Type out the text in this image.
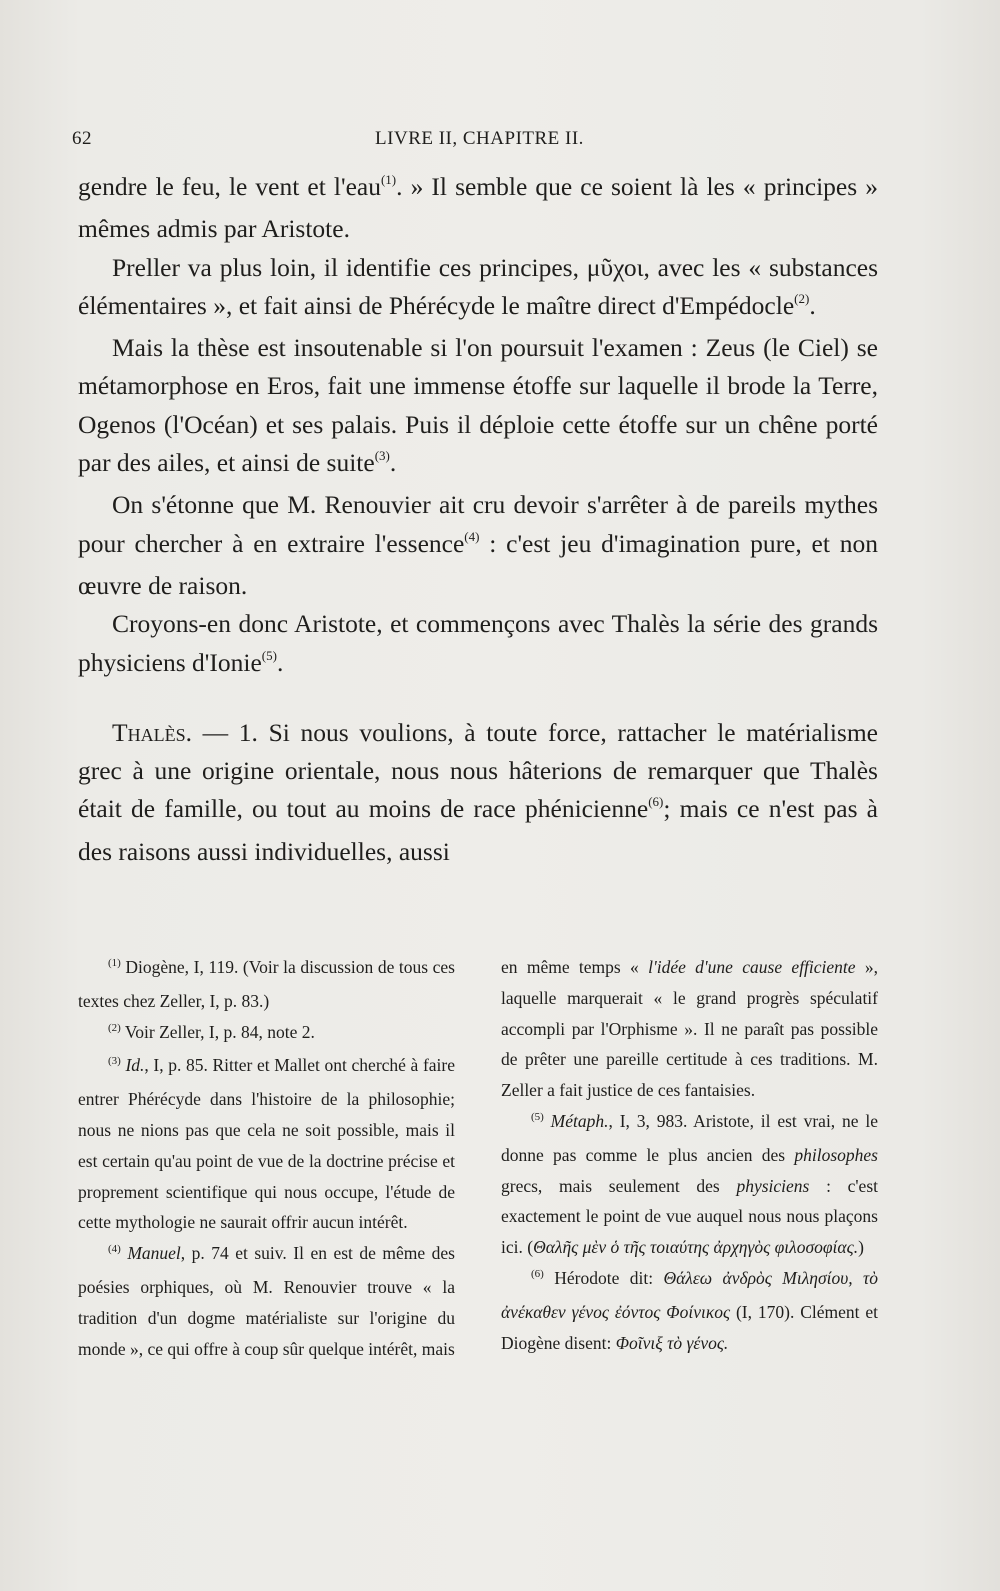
62	LIVRE II, CHAPITRE II.

gendre le feu, le vent et l'eau$^{(1)}$. » Il semble que ce soient là les « principes » mêmes admis par Aristote.

Preller va plus loin, il identifie ces principes, μῦχοι, avec les « substances élémentaires », et fait ainsi de Phérécyde le maître direct d'Empédocle$^{(2)}$.

Mais la thèse est insoutenable si l'on poursuit l'examen : Zeus (le Ciel) se métamorphose en Eros, fait une immense étoffe sur laquelle il brode la Terre, Ogenos (l'Océan) et ses palais. Puis il déploie cette étoffe sur un chêne porté par des ailes, et ainsi de suite$^{(3)}$.

On s'étonne que M. Renouvier ait cru devoir s'arrêter à de pareils mythes pour chercher à en extraire l'essence$^{(4)}$ : c'est jeu d'imagination pure, et non œuvre de raison.

Croyons-en donc Aristote, et commençons avec Thalès la série des grands physiciens d'Ionie$^{(5)}$.

Thalès. — 1. Si nous voulions, à toute force, rattacher le matérialisme grec à une origine orientale, nous nous hâterions de remarquer que Thalès était de famille, ou tout au moins de race phénicienne$^{(6)}$; mais ce n'est pas à des raisons aussi individuelles, aussi

$^{(1)}$ Diogène, I, 119. (Voir la discussion de tous ces textes chez Zeller, I, p. 83.)

$^{(2)}$ Voir Zeller, I, p. 84, note 2.

$^{(3)}$ Id., I, p. 85. Ritter et Mallet ont cherché à faire entrer Phérécyde dans l'histoire de la philosophie; nous ne nions pas que cela ne soit possible, mais il est certain qu'au point de vue de la doctrine précise et proprement scientifique qui nous occupe, l'étude de cette mythologie ne saurait offrir aucun intérêt.

$^{(4)}$ Manuel, p. 74 et suiv. Il en est de même des poésies orphiques, où M. Renouvier trouve « la tradition d'un dogme matérialiste sur l'origine du monde », ce qui offre à coup sûr quelque intérêt, mais

en même temps « l'idée d'une cause efficiente », laquelle marquerait « le grand progrès spéculatif accompli par l'Orphisme ». Il ne paraît pas possible de prêter une pareille certitude à ces traditions. M. Zeller a fait justice de ces fantaisies.

$^{(5)}$ Métaph., I, 3, 983. Aristote, il est vrai, ne le donne pas comme le plus ancien des philosophes grecs, mais seulement des physiciens : c'est exactement le point de vue auquel nous nous plaçons ici. (Θαλῆς μὲν ὁ τῆς τοιαύτης ἀρχηγὸς φιλοσοφίας.)

$^{(6)}$ Hérodote dit: Θάλεω ἀνδρὸς Μιλησίου, τὸ ἀνέκαθεν γένος ἐόντος Φοίνικος (I, 170). Clément et Diogène disent: Φοῖνιξ τὸ γένος.
